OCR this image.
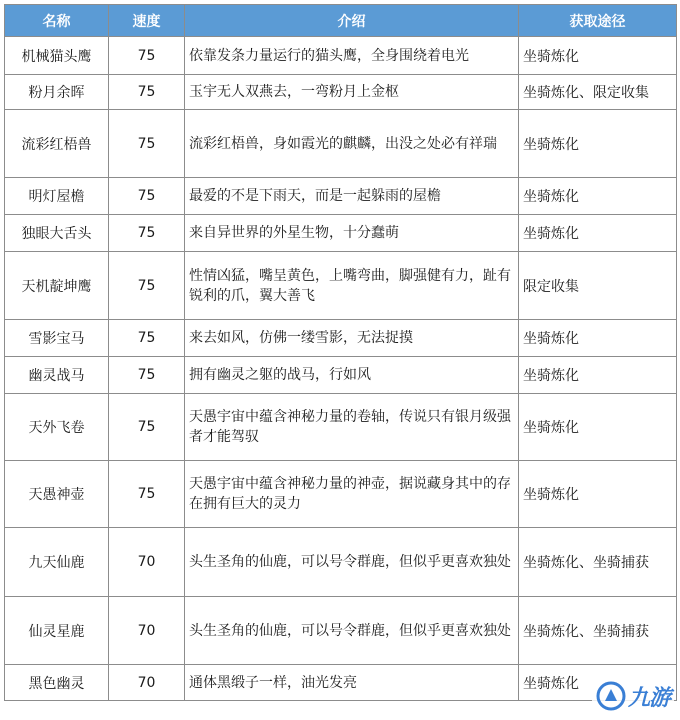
名称	速度	介绍	获取途径
机械猫头鹰	75	依靠发条力量运行的猫头鹰，全身围绕着电光	坐骑炼化
粉月余晖	75	玉宇无人双燕去，一弯粉月上金枢	坐骑炼化、限定收集
流彩红梧兽	75	流彩红梧兽，身如霞光的麒麟，出没之处必有祥瑞	坐骑炼化
明灯屋檐	75	最爱的不是下雨天，而是一起躲雨的屋檐	坐骑炼化
独眼大舌头	75	来自异世界的外星生物，十分蠢萌	坐骑炼化
天机靛坤鹰	75	性情凶猛，嘴呈黄色，上嘴弯曲，脚强健有力，趾有锐利的爪，翼大善飞	限定收集
雪影宝马	75	来去如风，仿佛一缕雪影，无法捉摸	坐骑炼化
幽灵战马	75	拥有幽灵之躯的战马，行如风	坐骑炼化
天外飞卷	75	天愚宇宙中蕴含神秘力量的卷轴，传说只有银月级强者才能驾驭	坐骑炼化
天愚神壶	75	天愚宇宙中蕴含神秘力量的神壶，据说藏身其中的存在拥有巨大的灵力	坐骑炼化
九天仙鹿	70	头生圣角的仙鹿，可以号令群鹿，但似乎更喜欢独处	坐骑炼化、坐骑捕获
仙灵星鹿	70	头生圣角的仙鹿，可以号令群鹿，但似乎更喜欢独处	坐骑炼化、坐骑捕获
黑色幽灵	70	通体黑缎子一样，油光发亮	坐骑炼化
九游
